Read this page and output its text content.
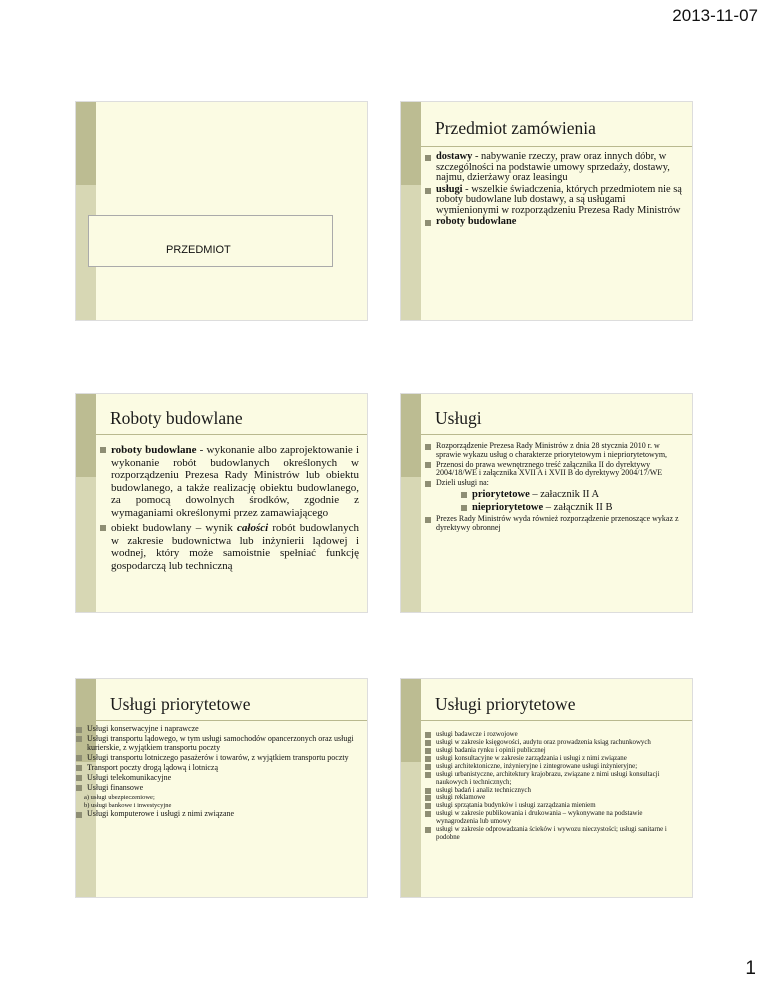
2013-11-07
PRZEDMIOT
Przedmiot zamówienia
dostawy - nabywanie rzeczy, praw oraz innych dóbr, w szczególności na podstawie umowy sprzedaży, dostawy, najmu, dzierżawy oraz leasingu
usługi - wszelkie świadczenia, których przedmiotem nie są roboty budowlane lub dostawy, a są usługami wymienionymi w rozporządzeniu Prezesa Rady Ministrów
roboty budowlane
Roboty budowlane
roboty budowlane - wykonanie albo zaprojektowanie i wykonanie robót budowlanych określonych w rozporządzeniu Prezesa Rady Ministrów lub obiektu budowlanego, a także realizację obiektu budowlanego, za pomocą dowolnych środków, zgodnie z wymaganiami określonymi przez zamawiającego
obiekt budowlany – wynik całości robót budowlanych w zakresie budownictwa lub inżynierii lądowej i wodnej, który może samoistnie spełniać funkcję gospodarczą lub techniczną
Usługi
Rozporządzenie Prezesa Rady Ministrów z dnia 28 stycznia 2010 r. w sprawie wykazu usług o charakterze priorytetowym i niepriorytetowym,
Przenosi do prawa wewnętrznego treść załącznika II do dyrektywy 2004/18/WE i załącznika XVII A i XVII B do dyrektywy 2004/17/WE
Dzieli usługi na:
priorytetowe – załacznik II A
niepriorytetowe – załącznik II B
Prezes Rady Ministrów wyda również rozporządzenie przenoszące wykaz z dyrektywy obronnej
Usługi priorytetowe
Usługi konserwacyjne i naprawcze
Usługi transportu lądowego, w tym usługi samochodów opancerzonych oraz usługi kurierskie, z wyjątkiem transportu poczty
Usługi transportu lotniczego pasażerów i towarów, z wyjątkiem transportu poczty
Transport poczty drogą lądową i lotniczą
Usługi telekomunikacyjne
Usługi finansowe
a) usługi ubezpieczeniowe;
b) usługi bankowe i inwestycyjne
Usługi komputerowe i usługi z nimi związane
Usługi priorytetowe
usługi badawcze i rozwojowe
usługi w zakresie księgowości, audytu oraz prowadzenia ksiąg rachunkowych
usługi badania rynku i opinii publicznej
usługi konsultacyjne w zakresie zarządzania i usługi z nimi związane
usługi architektoniczne, inżynieryjne i zintegrowane usługi inżynieryjne;
usługi urbanistyczne, architektury krajobrazu, związane z nimi usługi konsultacji naukowych i technicznych;
usługi badań i analiz technicznych
usługi reklamowe
usługi sprzątania budynków i usługi zarządzania mieniem
usługi w zakresie publikowania i drukowania – wykonywane na podstawie wynagrodzenia lub umowy
usługi w zakresie odprowadzania ścieków i wywozu nieczystości; usługi sanitarne i podobne
1
